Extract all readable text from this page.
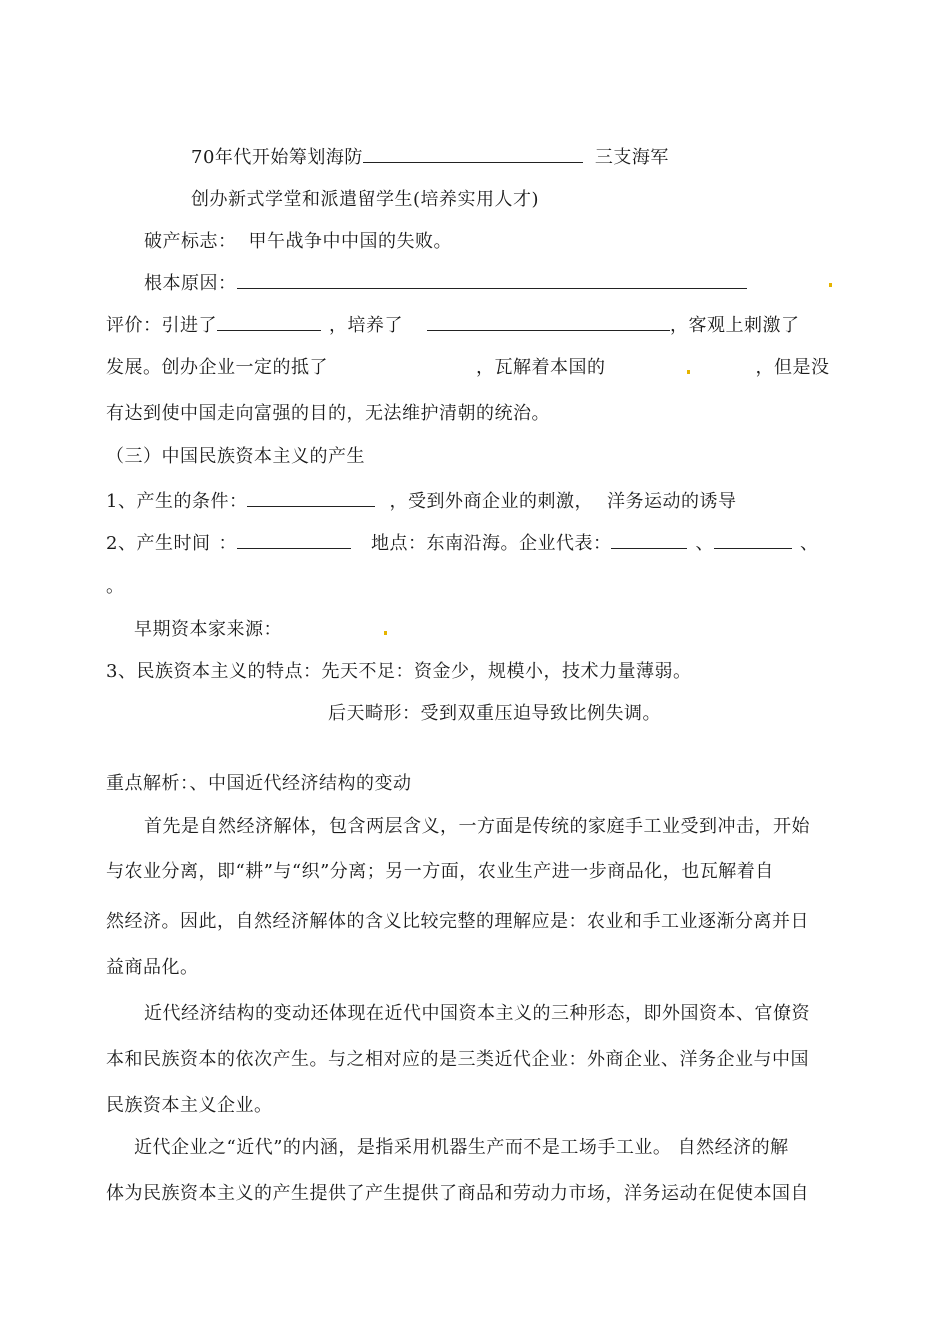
70年代开始筹划海防	三支海军
创办新式学堂和派遣留学生(培养实用人才)
破产标志： 甲午战争中中国的失败。
根本原因：
评价：引进了	，培养了	，客观上刺激了
发展。创办企业一定的抵了	，瓦解着本国的	，但是没
有达到使中国走向富强的目的，无法维护清朝的统治。
（三）中国民族资本主义的产生
1、产生的条件：	，受到外商企业的刺激， 洋务运动的诱导
2、产生时间 ：	地点：东南沿海。企业代表：	、	、
。
早期资本家来源：
3、民族资本主义的特点：先天不足：资金少，规模小，技术力量薄弱。
后天畸形：受到双重压迫导致比例失调。
重点解析：、中国近代经济结构的变动
首先是自然经济解体，包含两层含义，一方面是传统的家庭手工业受到冲击，开始
与农业分离，即“耕”与“织”分离；另一方面，农业生产进一步商品化，也瓦解着自
然经济。因此，自然经济解体的含义比较完整的理解应是：农业和手工业逐渐分离并日
益商品化。
近代经济结构的变动还体现在近代中国资本主义的三种形态，即外国资本、官僚资
本和民族资本的依次产生。与之相对应的是三类近代企业：外商企业、洋务企业与中国
民族资本主义企业。
近代企业之“近代”的内涵，是指采用机器生产而不是工场手工业。 自然经济的解
体为民族资本主义的产生提供了产生提供了商品和劳动力市场，洋务运动在促使本国自
